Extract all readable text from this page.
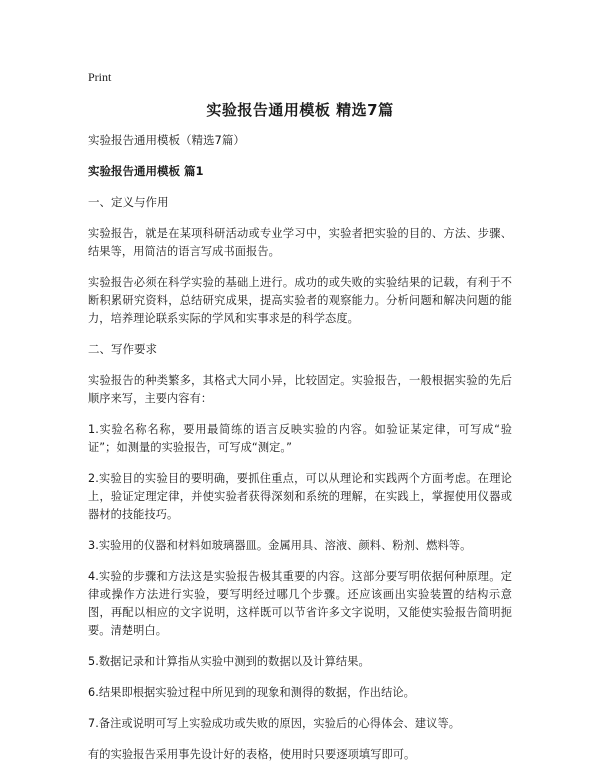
Print
实验报告通用模板 精选7篇
实验报告通用模板（精选7篇）
实验报告通用模板 篇1
一、定义与作用

实验报告，就是在某项科研活动或专业学习中，实验者把实验的目的、方法、步骤、结果等，用简洁的语言写成书面报告。

实验报告必须在科学实验的基础上进行。成功的或失败的实验结果的记载，有利于不断积累研究资料，总结研究成果，提高实验者的观察能力。分析问题和解决问题的能力，培养理论联系实际的学风和实事求是的科学态度。

二、写作要求

实验报告的种类繁多，其格式大同小异，比较固定。实验报告，一般根据实验的先后顺序来写，主要内容有：

1.实验名称名称，要用最简练的语言反映实验的内容。如验证某定律，可写成“验证”；如测量的实验报告，可写成“测定。”

2.实验目的实验目的要明确，要抓住重点，可以从理论和实践两个方面考虑。在理论上，验证定理定律，并使实验者获得深刻和系统的理解，在实践上，掌握使用仪器或器材的技能技巧。

3.实验用的仪器和材料如玻璃器皿。金属用具、溶液、颜料、粉剂、燃料等。

4.实验的步骤和方法这是实验报告极其重要的内容。这部分要写明依据何种原理。定律或操作方法进行实验，要写明经过哪几个步骤。还应该画出实验装置的结构示意图，再配以相应的文字说明，这样既可以节省许多文字说明，又能使实验报告简明扼要。清楚明白。

5.数据记录和计算指从实验中测到的数据以及计算结果。

6.结果即根据实验过程中所见到的现象和测得的数据，作出结论。

7.备注或说明可写上实验成功或失败的原因，实验后的心得体会、建议等。

有的实验报告采用事先设计好的表格，使用时只要逐项填写即可。
